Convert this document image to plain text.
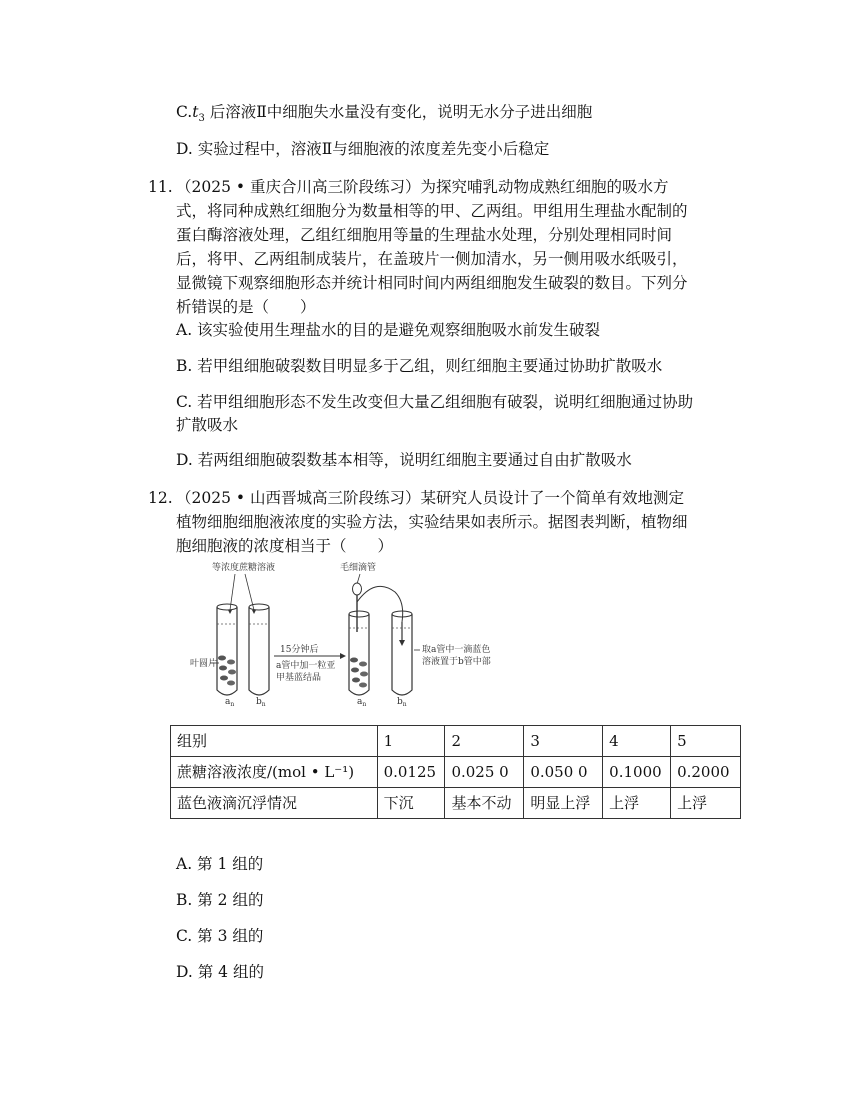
$C.t_3$ 后溶液Ⅱ中细胞失水量没有变化，说明无水分子进出细胞
D. 实验过程中，溶液Ⅱ与细胞液的浓度差先变小后稳定
11. （2025 • 重庆合川高三阶段练习）为探究哺乳动物成熟红细胞的吸水方
式，将同种成熟红细胞分为数量相等的甲、乙两组。甲组用生理盐水配制的
蛋白酶溶液处理，乙组红细胞用等量的生理盐水处理，分别处理相同时间
后，将甲、乙两组制成装片，在盖玻片一侧加清水，另一侧用吸水纸吸引，
显微镜下观察细胞形态并统计相同时间内两组细胞发生破裂的数目。下列分
析错误的是（　　）
A. 该实验使用生理盐水的目的是避免观察细胞吸水前发生破裂
B. 若甲组细胞破裂数目明显多于乙组，则红细胞主要通过协助扩散吸水
C. 若甲组细胞形态不发生改变但大量乙组细胞有破裂，说明红细胞通过协助
扩散吸水
D. 若两组细胞破裂数基本相等，说明红细胞主要通过自由扩散吸水
12. （2025 • 山西晋城高三阶段练习）某研究人员设计了一个简单有效地测定
植物细胞细胞液浓度的实验方法，实验结果如表所示。据图表判断，植物细
胞细胞液的浓度相当于（　　）
等浓度蔗糖溶液
叶圆片
$a_n$ $b_n$
15分钟后
a管中加一粒亚
甲基蓝结晶
毛细滴管
$a_n$	$b_n$
取a管中一滴蓝色
溶液置于b管中部
组别	1	2	3	4	5
蔗糖溶液浓度/(mol • L⁻¹)	0.0125	0.025 0	0.050 0	0.1000	0.2000
蓝色液滴沉浮情况	下沉	基本不动	明显上浮	上浮	上浮
A. 第 1 组的
B. 第 2 组的
C. 第 3 组的
D. 第 4 组的
